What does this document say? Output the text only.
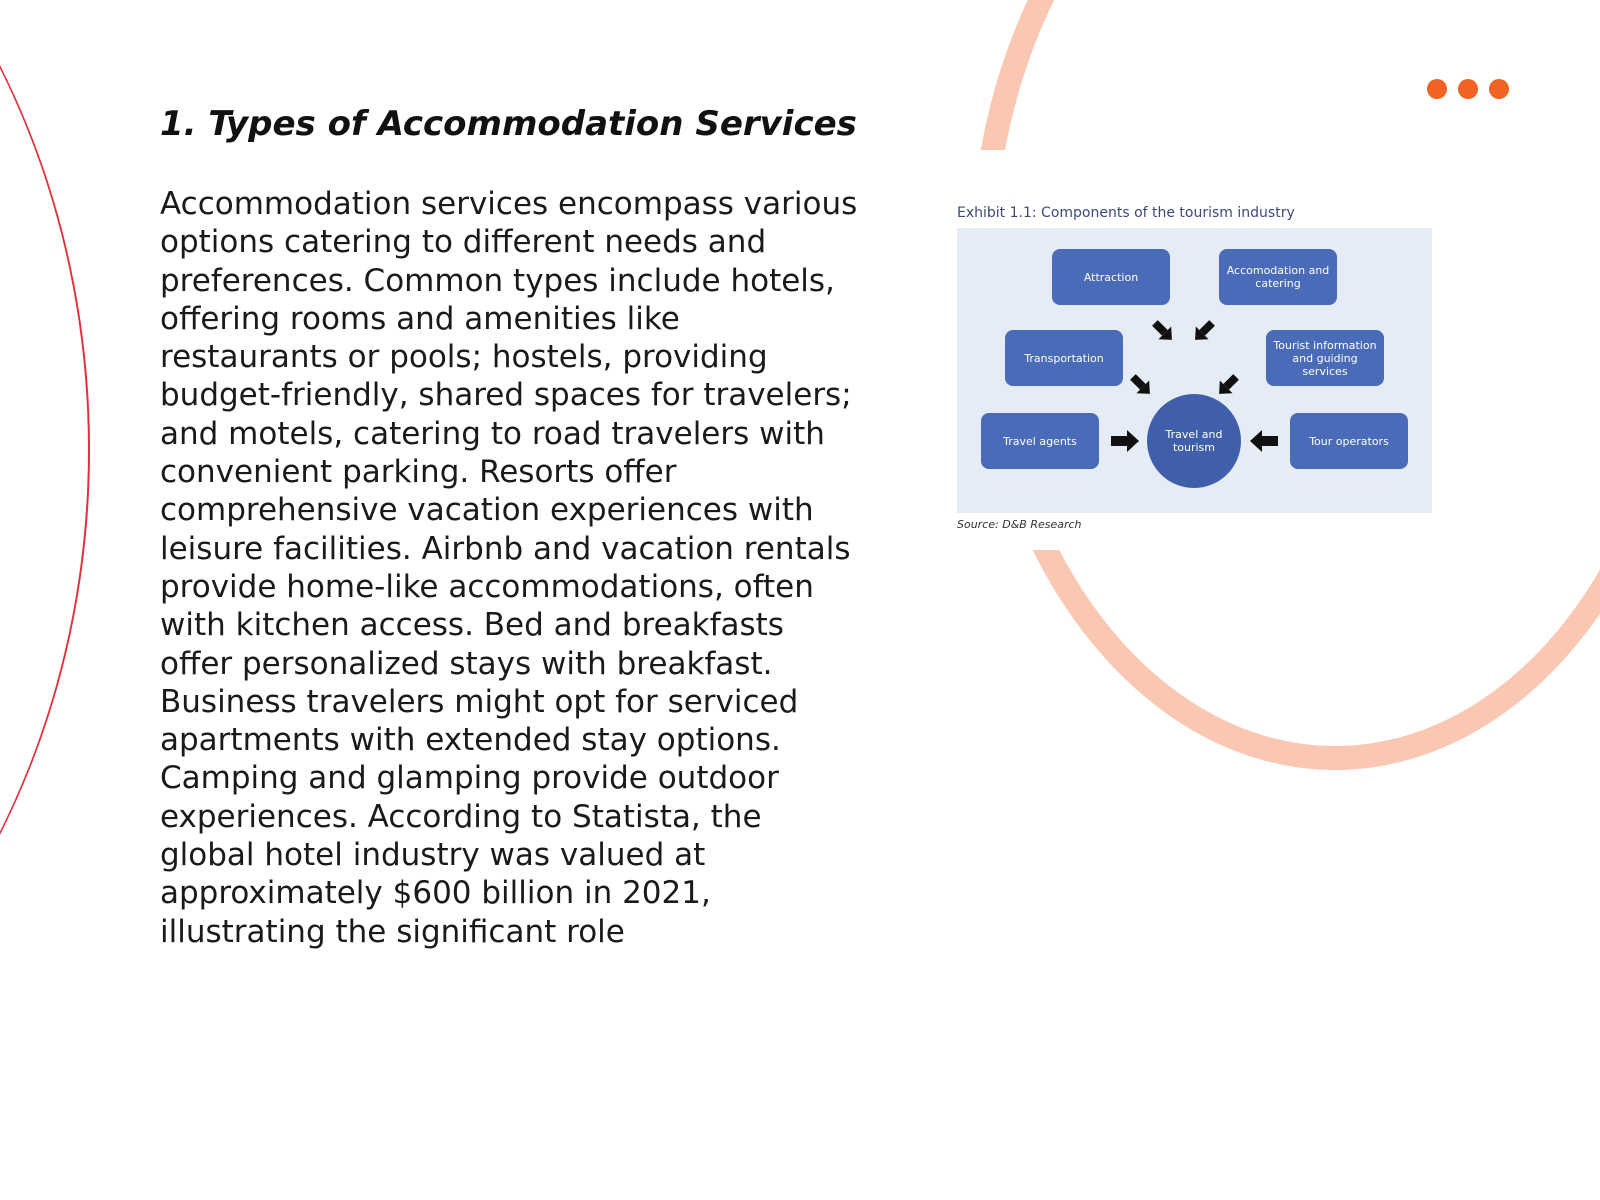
1. Types of Accommodation Services

Accommodation services encompass various options catering to different needs and preferences. Common types include hotels, offering rooms and amenities like restaurants or pools; hostels, providing budget-friendly, shared spaces for travelers; and motels, catering to road travelers with convenient parking. Resorts offer comprehensive vacation experiences with leisure facilities. Airbnb and vacation rentals provide home-like accommodations, often with kitchen access. Bed and breakfasts offer personalized stays with breakfast. Business travelers might opt for serviced apartments with extended stay options. Camping and glamping provide outdoor experiences. According to Statista, the global hotel industry was valued at approximately $600 billion in 2021, illustrating the significant role

Exhibit 1.1: Components of the tourism industry
Attraction	Accomodation and catering
Transportation
Tourist information and guiding services
Travel agents	Tour operators
Travel and tourism
Source: D&B Research
